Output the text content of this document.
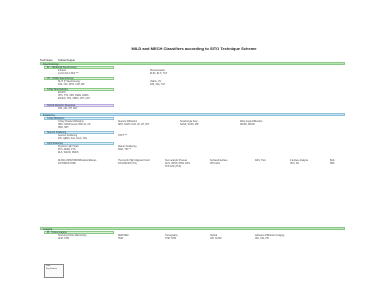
MILD and MECH Classifiers according to SITO Technique Scheme
Technique Subtechnique
Spectroscopy
IR - Vibrational Spectroscopy
Infrared
14,15,100,1 PEF ***
Photoemission
IR,81, 82 S, TGT
UV - Visible Spectroscopy
SLIT, P, Spectroscopy
ICM, 22A, INTR, FCP, MP
Visible, UV
ICM, 22A, TGT
X-Ray Spectroscopy
EXAFS
XPS, TXF, XRS, FEFE, ESRS
EXAFS, TAS, XRDS, XPT, ANT
Optical Dielectric Response
ICM, 222, MT, XET
Scattering
X-Ray Diffraction
X-Ray Powder Diffraction
XRD, SXRD Intens XRD,31, CP
XRD, XRT
Neutron Diffraction
NPD, NLPD, NLD, IR, CP, XFT
Small Angle Scat
SANS, SAXS, MD
Wide Angle Diffraction
WAXD, MAXD
Neutron Scattering
Neutron Scattering
INS, QENS, AAL, NGA, TAS
XXFT ***
Light Scattering
Dynamic Light Scatt
PCS, FEFE, FTS
DLS, WAXD, NMCS
Raman Scattering
MAD, TXF **
DLSDA (NPD/XRD/Diffraction/Raman
ICP/XRD/FT/XRF
Thermal & High Magnetic Field
ICP/AXD/ICP (TS)
Sum analytic Process
FLIS, XRSS, IRSS, EFS
TFS AXD (TFS)
Surface/Interface
XPS-SAS
RAS, TGA	Interface Analysis
XPS, SS
Bulk
FBS
Imaging
IR - X-Ray Imaging
Scanning Probe Microscopy
AFM, STM
SEM/TEM
TEM
Tomography
XTM, NTM
Optical
OM, CLSM
Adhesion Diffraction Imaging
XDI, CDI, PXI
Data
Key Feature
